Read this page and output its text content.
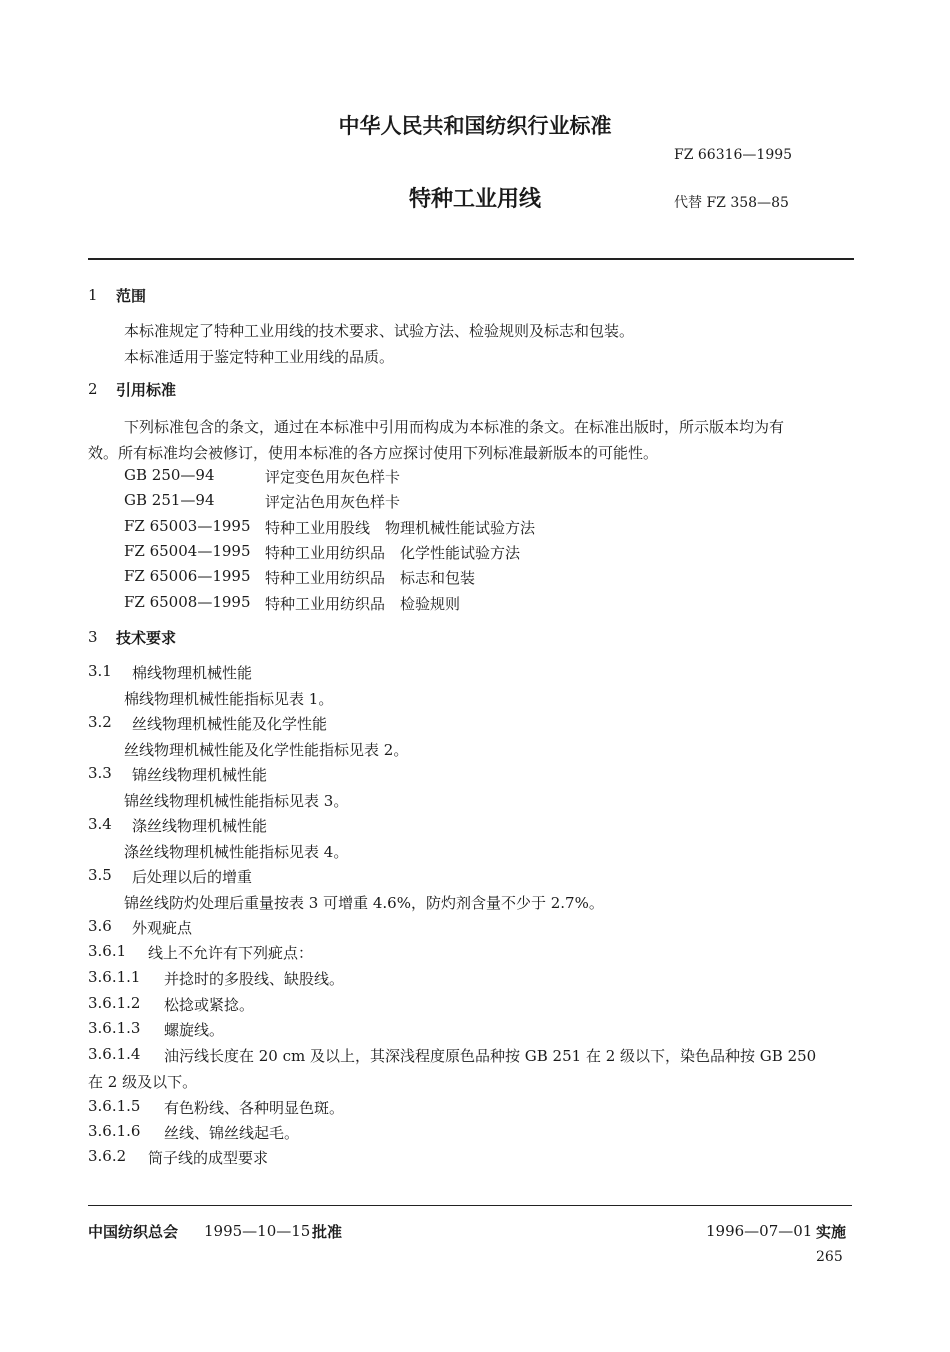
中华人民共和国纺织行业标准
FZ 66316—1995
特种工业用线	代替 FZ 358—85
1 范围
本标准规定了特种工业用线的技术要求、试验方法、检验规则及标志和包装。
本标准适用于鉴定特种工业用线的品质。
2 引用标准
下列标准包含的条文，通过在本标准中引用而构成为本标准的条文。在标准出版时，所示版本均为有
效。所有标准均会被修订，使用本标准的各方应探讨使用下列标准最新版本的可能性。
GB 250—94	评定变色用灰色样卡
GB 251—94	评定沾色用灰色样卡
FZ 65003—1995 特种工业用股线　物理机械性能试验方法
FZ 65004—1995 特种工业用纺织品　化学性能试验方法
FZ 65006—1995 特种工业用纺织品　标志和包装
FZ 65008—1995 特种工业用纺织品　检验规则
3 技术要求
3.1 棉线物理机械性能
棉线物理机械性能指标见表 1。
3.2 丝线物理机械性能及化学性能
丝线物理机械性能及化学性能指标见表 2。
3.3 锦丝线物理机械性能
锦丝线物理机械性能指标见表 3。
3.4 涤丝线物理机械性能
涤丝线物理机械性能指标见表 4。
3.5 后处理以后的增重
锦丝线防灼处理后重量按表 3 可增重 4.6%，防灼剂含量不少于 2.7%。
3.6 外观疵点
3.6.1 线上不允许有下列疵点：
3.6.1.1 并捻时的多股线、缺股线。
3.6.1.2 松捻或紧捻。
3.6.1.3 螺旋线。
3.6.1.4 油污线长度在 20 cm 及以上，其深浅程度原色品种按 GB 251 在 2 级以下，染色品种按 GB 250
在 2 级及以下。
3.6.1.5 有色粉线、各种明显色斑。
3.6.1.6 丝线、锦丝线起毛。
3.6.2 筒子线的成型要求
中国纺织总会 1995—10—15 批准	1996—07—01 实施
265
